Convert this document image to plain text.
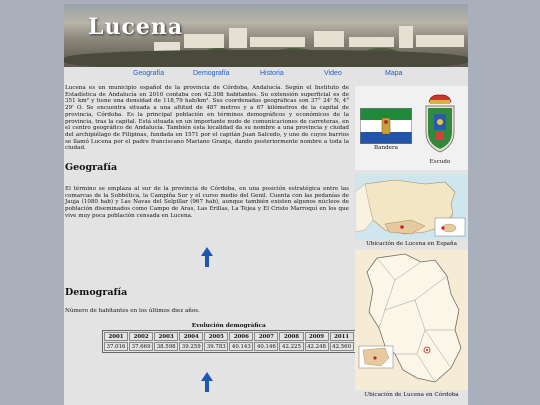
Lucena
Geografía	Demografía	Historia	Video	Mapa

Lucena es un municipio español de la provincia de Córdoba, Andalucía. Según el Instituto de Estadística de Andalucía en 2010 contaba con 42.308 habitantes. Su extensión superficial es de 351 km² y tiene una densidad de 118,79 hab/km². Sus coordenadas geográficas son 37° 24' N, 4° 29' O. Se encuentra situada a una altitud de 487 metros y a 67 kilómetros de la capital de provincia, Córdoba. Es la principal población en términos demográficos y económicos de la provincia, tras la capital. Está situada en un importante nudo de comunicaciones de carreteras, en el centro geográfico de Andalucía. También esta localidad da su nombre a una provincia y ciudad del archipiélago de Filipinas, fundada en 1571 por el capitán Juan Salcedo, y uno de cuyos barrios se llamó Lucena por el padre franciscano Mariano Granja, dando posteriormente nombre a toda la ciudad.

Geografía

El término se emplaza al sur de la provincia de Córdoba, en una posición estratégica entre las comarcas de la Subbética, la Campiña Sur y el curso medio del Genil. Cuenta con las pedanías de Jauja (1080 hab) y Las Navas del Selpillar (967 hab), aunque también existen algunos núcleos de población diseminados como Campo de Aras, Las Erillas, La Tejea y El Cristo Marroquí en los que vive muy poca población censada en Lucena.

Demografía

Número de habitantes en los últimos diez años.

Evolución demográfica
2001	2002	2003	2004	2005	2006	2007	2008	2009	2011
37.016	37.669	38.598	39.259	39.783	40.143	40.146	42.225	42.248	42.560
Bandera
Escudo
Ubicación de Lucena en España
Ubicación de Lucena en Córdoba
